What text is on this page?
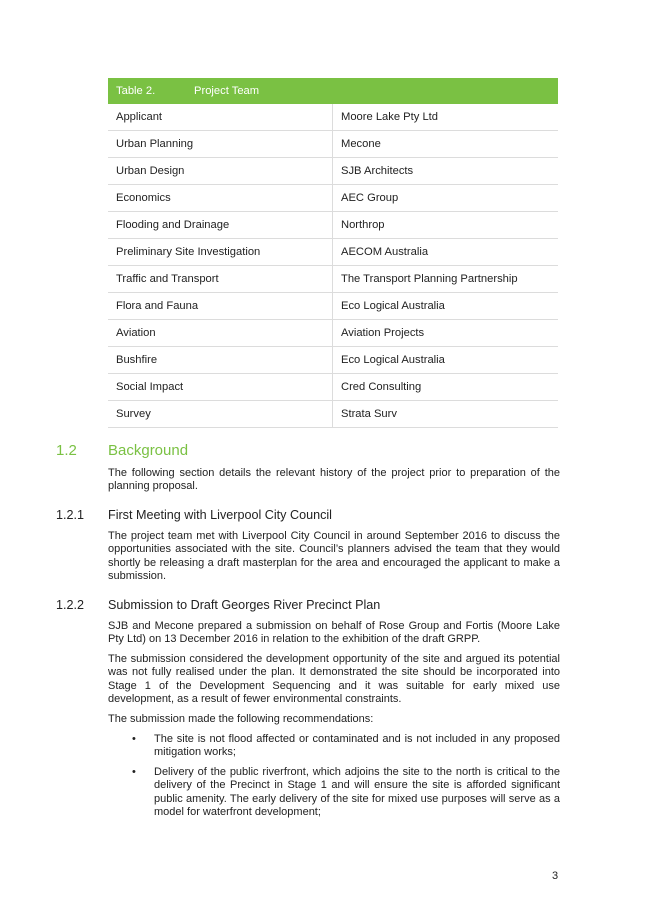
Table 2. Project Team	
Applicant	Moore Lake Pty Ltd
Urban Planning	Mecone
Urban Design	SJB Architects
Economics	AEC Group
Flooding and Drainage	Northrop
Preliminary Site Investigation	AECOM Australia
Traffic and Transport	The Transport Planning Partnership
Flora and Fauna	Eco Logical Australia
Aviation	Aviation Projects
Bushfire	Eco Logical Australia
Social Impact	Cred Consulting
Survey	Strata Surv
1.2	Background

The following section details the relevant history of the project prior to preparation of the planning proposal.

1.2.1	First Meeting with Liverpool City Council

The project team met with Liverpool City Council in around September 2016 to discuss the opportunities associated with the site. Council’s planners advised the team that they would shortly be releasing a draft masterplan for the area and encouraged the applicant to make a submission.

1.2.2	Submission to Draft Georges River Precinct Plan

SJB and Mecone prepared a submission on behalf of Rose Group and Fortis (Moore Lake Pty Ltd) on 13 December 2016 in relation to the exhibition of the draft GRPP.

The submission considered the development opportunity of the site and argued its potential was not fully realised under the plan. It demonstrated the site should be incorporated into Stage 1 of the Development Sequencing and it was suitable for early mixed use development, as a result of fewer environmental constraints.

The submission made the following recommendations:

• The site is not flood affected or contaminated and is not included in any proposed mitigation works;
• Delivery of the public riverfront, which adjoins the site to the north is critical to the delivery of the Precinct in Stage 1 and will ensure the site is afforded significant public amenity. The early delivery of the site for mixed use purposes will serve as a model for waterfront development;
3
